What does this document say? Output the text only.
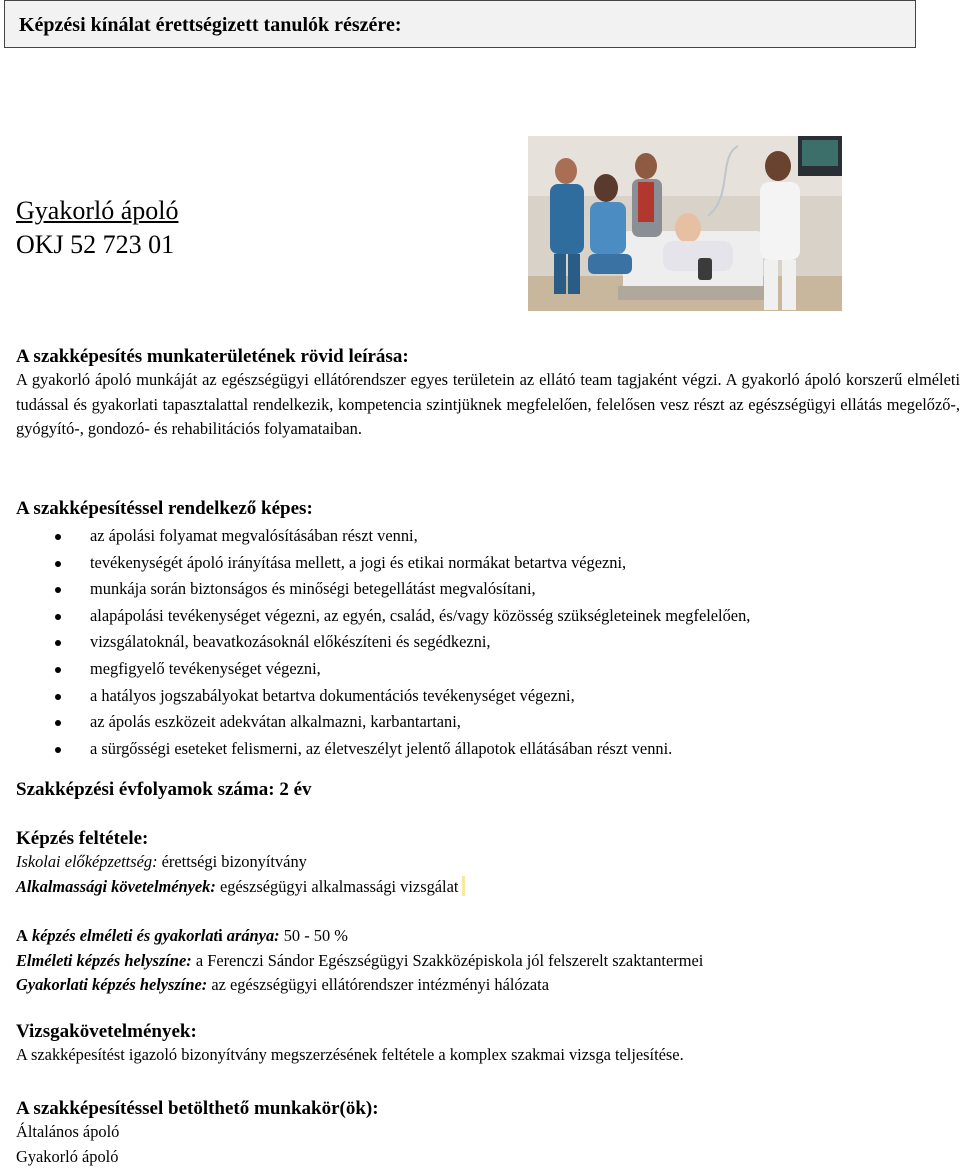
Képzési kínálat érettségizett tanulók részére:
Gyakorló ápoló
OKJ 52 723 01
A szakképesítés munkaterületének rövid leírása:
A gyakorló ápoló munkáját az egészségügyi ellátórendszer egyes területein az ellátó team tagjaként végzi. A gyakorló ápoló korszerű elméleti tudással és gyakorlati tapasztalattal rendelkezik, kompetencia szintjüknek megfelelően, felelősen vesz részt az egészségügyi ellátás megelőző-, gyógyító-, gondozó- és rehabilitációs folyamataiban.
A szakképesítéssel rendelkező képes:
az ápolási folyamat megvalósításában részt venni,
tevékenységét ápoló irányítása mellett, a jogi és etikai normákat betartva végezni,
munkája során biztonságos és minőségi betegellátást megvalósítani,
alapápolási tevékenységet végezni, az egyén, család, és/vagy közösség szükségleteinek megfelelően,
vizsgálatoknál, beavatkozásoknál előkészíteni és segédkezni,
megfigyelő tevékenységet végezni,
a hatályos jogszabályokat betartva dokumentációs tevékenységet végezni,
az ápolás eszközeit adekvátan alkalmazni, karbantartani,
a sürgősségi eseteket felismerni, az életveszélyt jelentő állapotok ellátásában részt venni.
Szakképzési évfolyamok száma: 2 év
Képzés feltétele:
Iskolai előképzettség: érettségi bizonyítvány
Alkalmassági követelmények: egészségügyi alkalmassági vizsgálat
A képzés elméleti és gyakorlati aránya: 50 - 50 %
Elméleti képzés helyszíne: a Ferenczi Sándor Egészségügyi Szakközépiskola jól felszerelt szaktantermei
Gyakorlati képzés helyszíne: az egészségügyi ellátórendszer intézményi hálózata
Vizsgakövetelmények:
A szakképesítést igazoló bizonyítvány megszerzésének feltétele a komplex szakmai vizsga teljesítése.
A szakképesítéssel betölthető munkakör(ök):
Általános ápoló
Gyakorló ápoló
